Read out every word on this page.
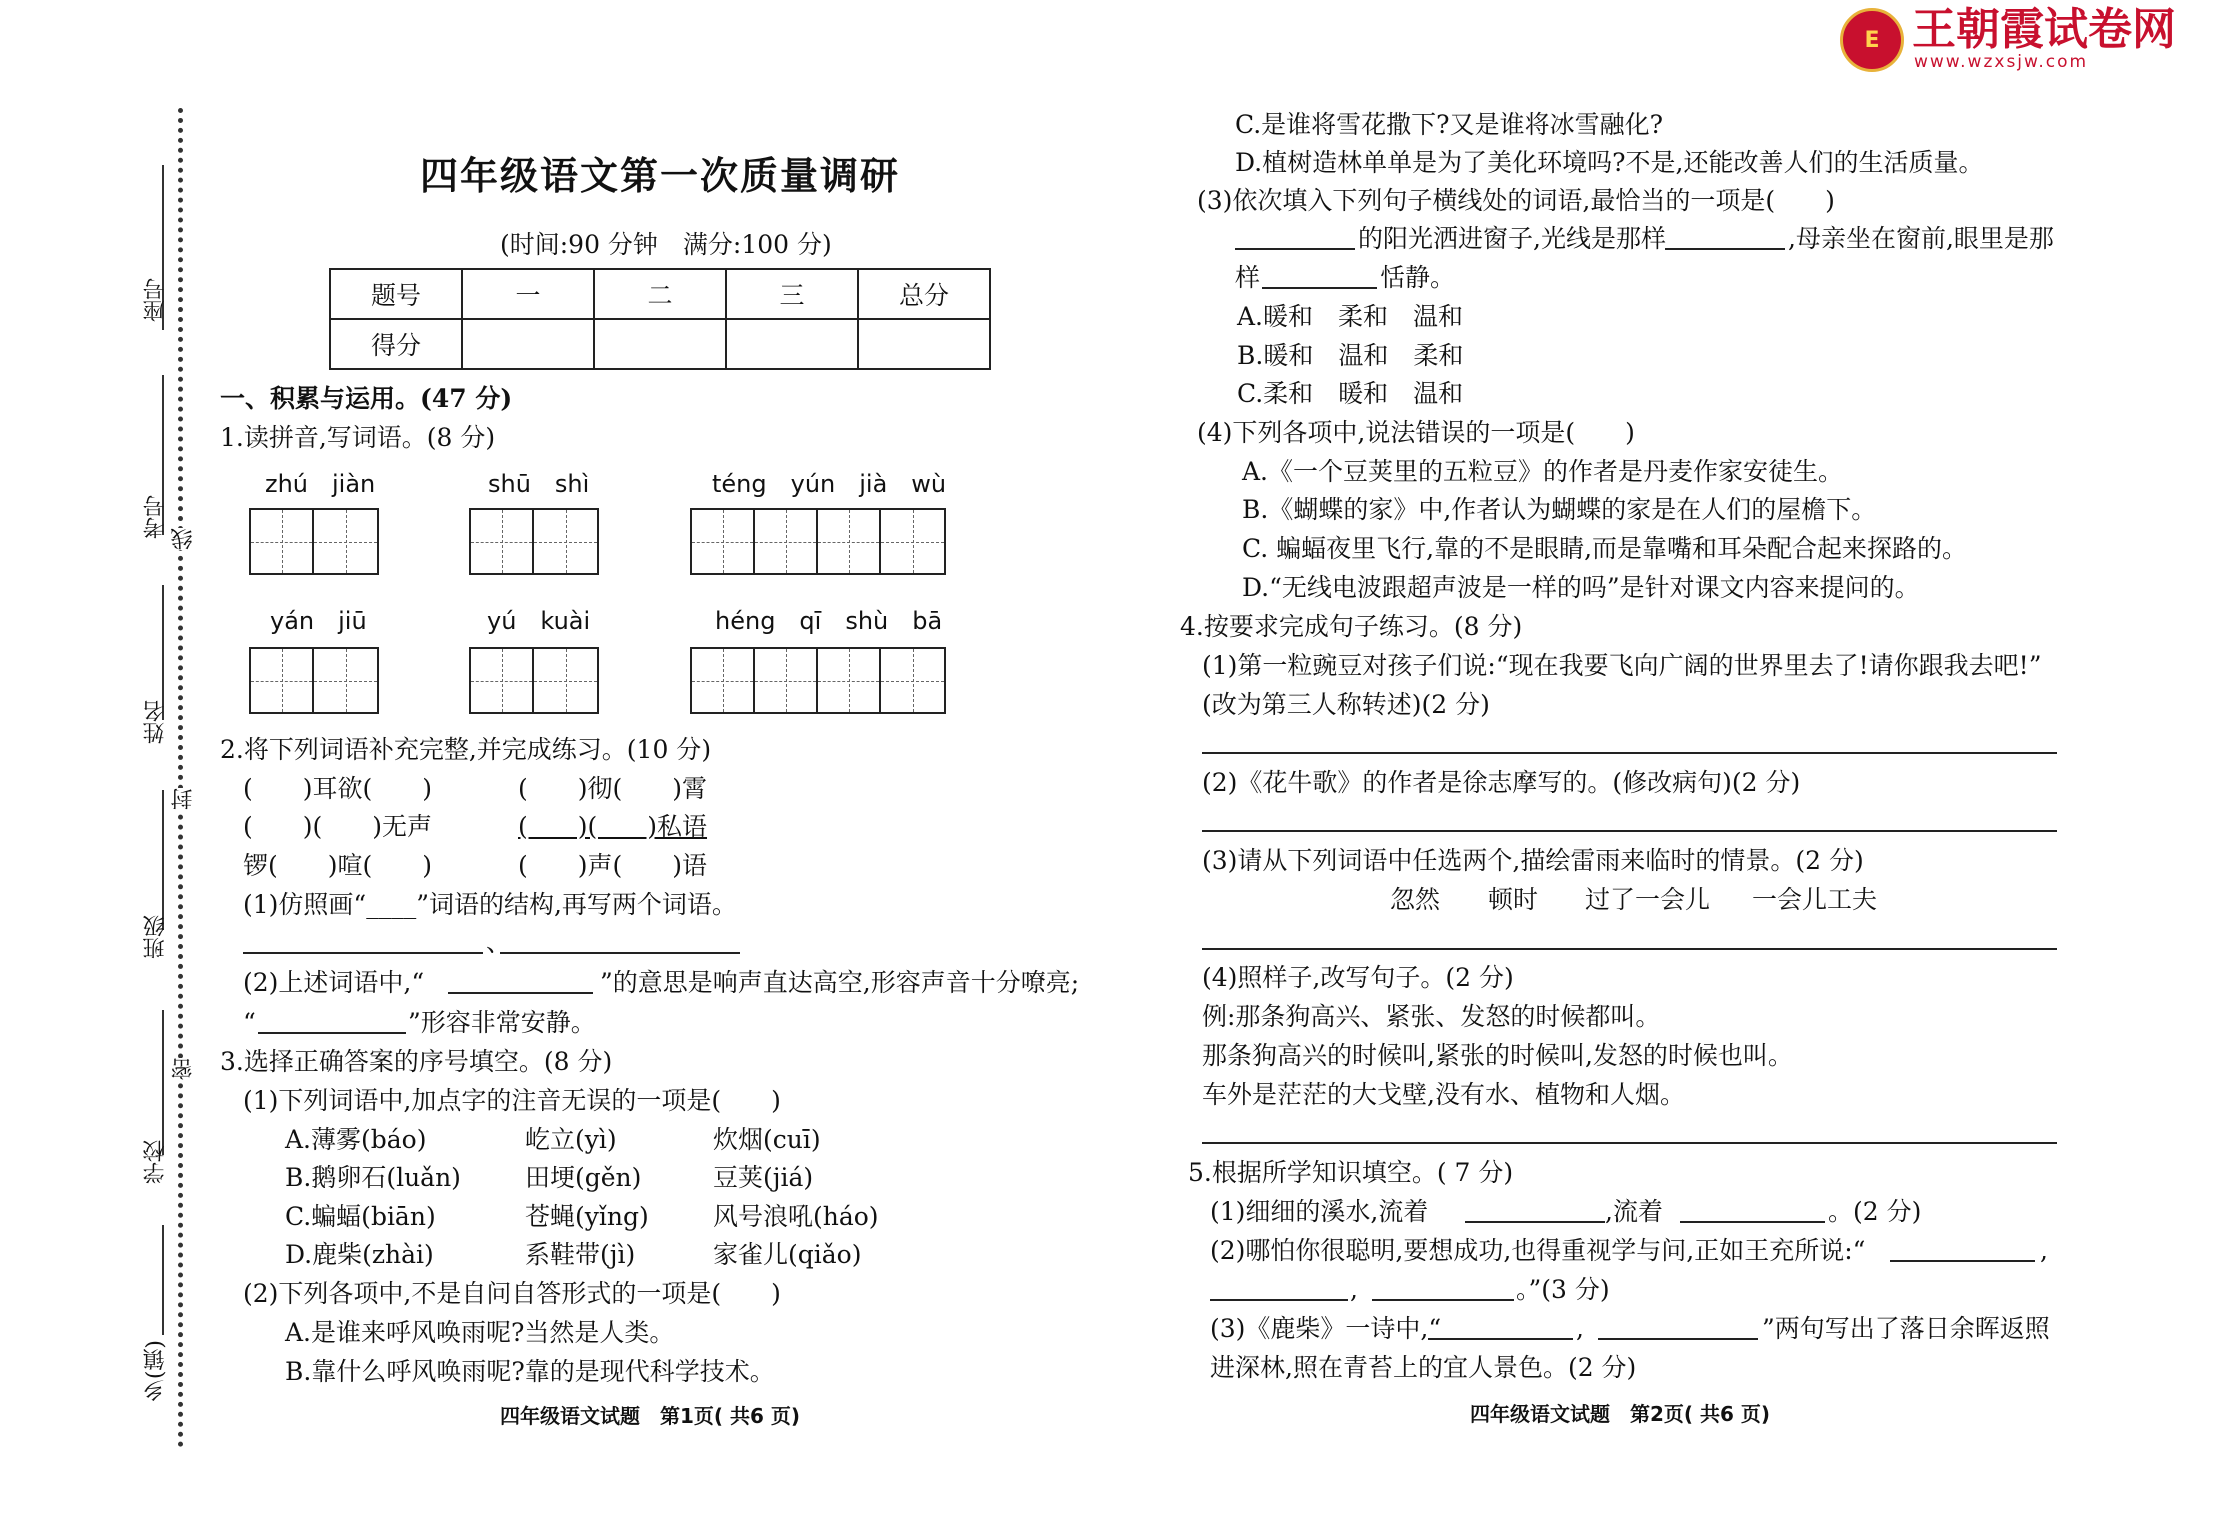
E 王朝霞试卷网
www.wzxsjw.com
座号
考号
姓名
班级
学校
乡(镇)
线
封
密
四年级语文第一次质量调研
(时间:90 分钟　满分:100 分)
题号	一	二	三	总分
得分				
一、积累与运用。(47 分)
1.读拼音,写词语。(8 分)
zhú　jiàn	shū　shì	téng　yún　jià　wù
yán　jiū	yú　kuài	héng　qī　shù　bā
2.将下列词语补充完整,并完成练习。(10 分)
(　　)耳欲(　　)	(　　)彻(　　)霄
(　　)(　　)无声	(　　)(　　)私语
锣(　　)喧(　　)	(　　)声(　　)语
(1)仿照画“____”词语的结构,再写两个词语。
、
(2)上述词语中,“	”的意思是响声直达高空,形容声音十分嘹亮;
“	”形容非常安静。
3.选择正确答案的序号填空。(8 分)
(1)下列词语中,加点字的注音无误的一项是(　　)
A.薄雾(báo)	屹立(yì)	炊烟(cuī)
B.鹅卵石(luǎn)	田埂(gěn)	豆荚(jiá)
C.蝙蝠(biān)	苍蝇(yǐng)	风号浪吼(háo)
D.鹿柴(zhài)	系鞋带(jì)	家雀儿(qiǎo)
(2)下列各项中,不是自问自答形式的一项是(　　)
A.是谁来呼风唤雨呢?当然是人类。
B.靠什么呼风唤雨呢?靠的是现代科学技术。
四年级语文试题　第1页( 共6 页)
C.是谁将雪花撒下?又是谁将冰雪融化?
D.植树造林单单是为了美化环境吗?不是,还能改善人们的生活质量。
(3)依次填入下列句子横线处的词语,最恰当的一项是(　　)
的阳光洒进窗子,光线是那样	,母亲坐在窗前,眼里是那
样	恬静。
A.暖和　柔和　温和
B.暖和　温和　柔和
C.柔和　暖和　温和
(4)下列各项中,说法错误的一项是(　　)
A.《一个豆荚里的五粒豆》的作者是丹麦作家安徒生。
B.《蝴蝶的家》中,作者认为蝴蝶的家是在人们的屋檐下。
C. 蝙蝠夜里飞行,靠的不是眼睛,而是靠嘴和耳朵配合起来探路的。
D.“无线电波跟超声波是一样的吗”是针对课文内容来提问的。
4.按要求完成句子练习。(8 分)
(1)第一粒豌豆对孩子们说:“现在我要飞向广阔的世界里去了!请你跟我去吧!”
(改为第三人称转述)(2 分)
(2)《花牛歌》的作者是徐志摩写的。(修改病句)(2 分)
(3)请从下列词语中任选两个,描绘雷雨来临时的情景。(2 分)
忽然 顿时 过了一会儿 一会儿工夫
(4)照样子,改写句子。(2 分)
例:那条狗高兴、紧张、发怒的时候都叫。
那条狗高兴的时候叫,紧张的时候叫,发怒的时候也叫。
车外是茫茫的大戈壁,没有水、植物和人烟。
5.根据所学知识填空。( 7 分)
(1)细细的溪水,流着	,流着	。(2 分)
(2)哪怕你很聪明,要想成功,也得重视学与问,正如王充所说:“	,
,	。”(3 分)
(3)《鹿柴》一诗中,“	,	”两句写出了落日余晖返照
进深林,照在青苔上的宜人景色。(2 分)
四年级语文试题　第2页( 共6 页)
